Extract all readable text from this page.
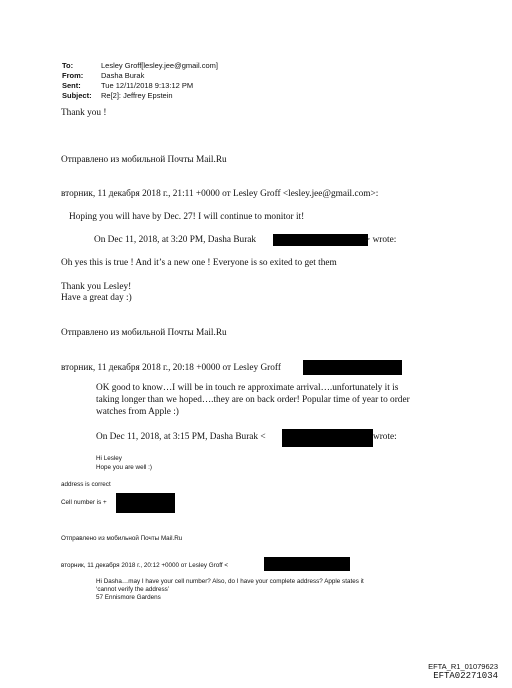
To:	Lesley Groff[lesley.jee@gmail.com]
From: Dasha Burak
Sent:	Tue 12/11/2018 9:13:12 PM
Subject: Re[2]: Jeffrey Epstein
Thank you !
Отправлено из мобильной Почты Mail.Ru
вторник, 11 декабря 2018 г., 21:11 +0000 от Lesley Groff <lesley.jee@gmail.com>:
Hoping you will have by Dec. 27! I will continue to monitor it!
On Dec 11, 2018, at 3:20 PM, Dasha Burak	> wrote:
Oh yes this is true ! And it’s a new one ! Everyone is so exited to get them
Thank you Lesley!
Have a great day :)
Отправлено из мобильной Почты Mail.Ru
вторник, 11 декабря 2018 г., 20:18 +0000 от Lesley Groff
OK good to know…I will be in touch re approximate arrival….unfortunately it is
taking longer than we hoped….they are on back order! Popular time of year to order
watches from Apple :)
On Dec 11, 2018, at 3:15 PM, Dasha Burak <	wrote:
Hi Lesley
Hope you are well :)
address is correct
Cell number is +
Отправлено из мобильной Почты Mail.Ru
вторник, 11 декабря 2018 г., 20:12 +0000 от Lesley Groff <
Hi Dasha…may I have your cell number? Also, do I have your complete address? Apple states it
‘cannot verify the address’
57 Ennismore Gardens
EFTA_R1_01079623
EFTA02271034
